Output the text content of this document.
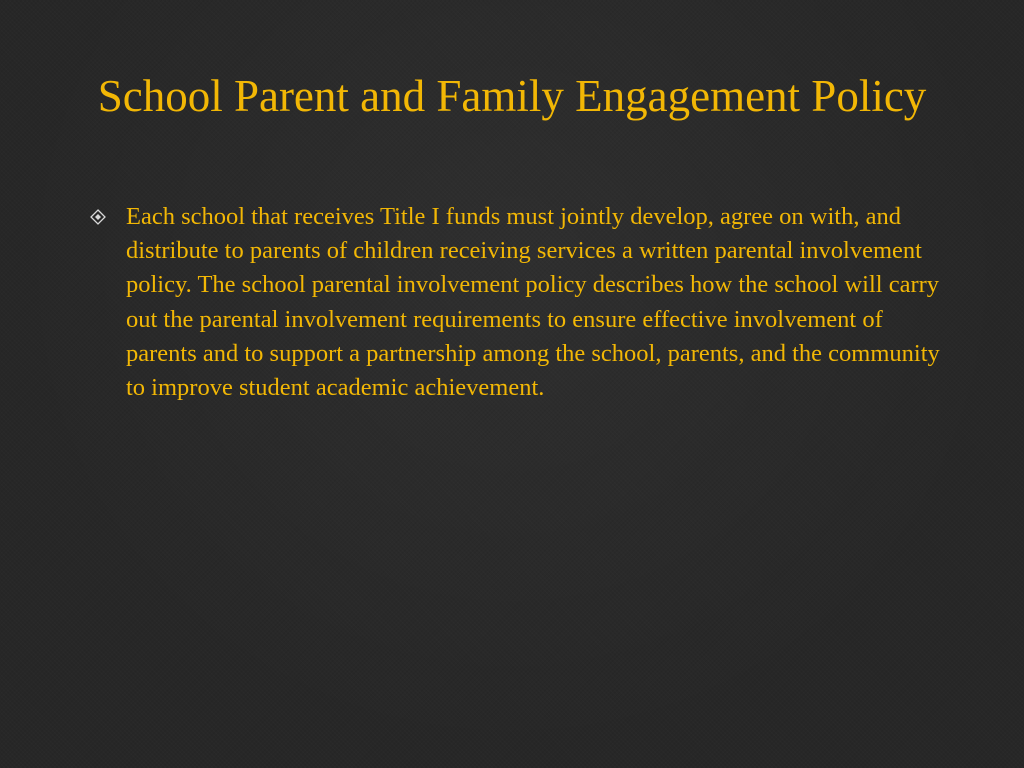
School Parent and Family Engagement Policy
Each school that receives Title I funds must jointly develop, agree on with, and distribute to parents of children receiving services a written parental involvement policy. The school parental involvement policy describes how the school will carry out the parental involvement requirements to ensure effective involvement of parents and to support a partnership among the school, parents, and the community to improve student academic achievement.
